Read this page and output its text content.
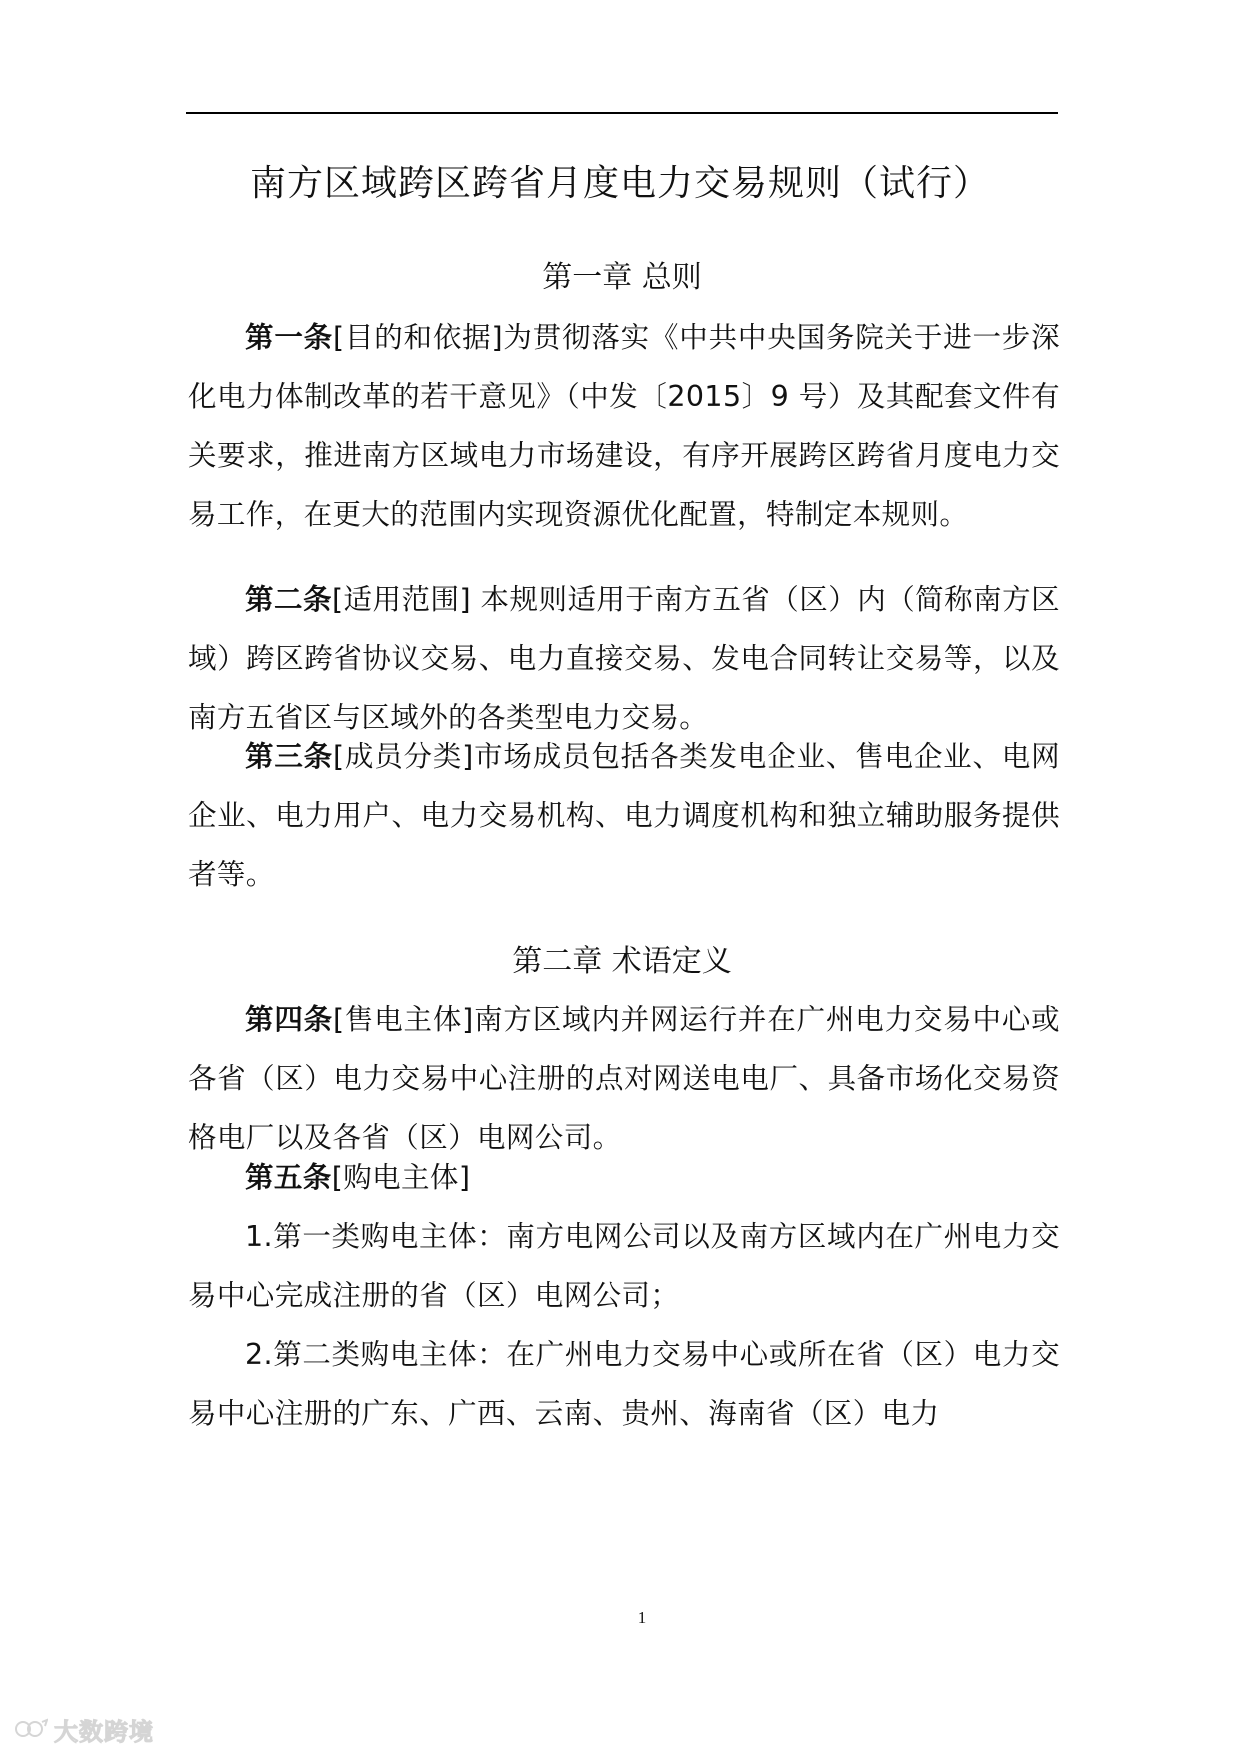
南方区域跨区跨省月度电力交易规则（试行）
第一章 总则

第一条[目的和依据]为贯彻落实《中共中央国务院关于进一步深化电力体制改革的若干意见》（中发〔2015〕9 号）及其配套文件有关要求，推进南方区域电力市场建设，有序开展跨区跨省月度电力交易工作，在更大的范围内实现资源优化配置，特制定本规则。

第二条[适用范围] 本规则适用于南方五省（区）内（简称南方区域）跨区跨省协议交易、电力直接交易、发电合同转让交易等，以及南方五省区与区域外的各类型电力交易。

第三条[成员分类]市场成员包括各类发电企业、售电企业、电网企业、电力用户、电力交易机构、电力调度机构和独立辅助服务提供者等。

第二章 术语定义

第四条[售电主体]南方区域内并网运行并在广州电力交易中心或各省（区）电力交易中心注册的点对网送电电厂、具备市场化交易资格电厂以及各省（区）电网公司。

第五条[购电主体]

1.第一类购电主体：南方电网公司以及南方区域内在广州电力交易中心完成注册的省（区）电网公司；

2.第二类购电主体：在广州电力交易中心或所在省（区）电力交易中心注册的广东、广西、云南、贵州、海南省（区）电力

1
大数跨境
